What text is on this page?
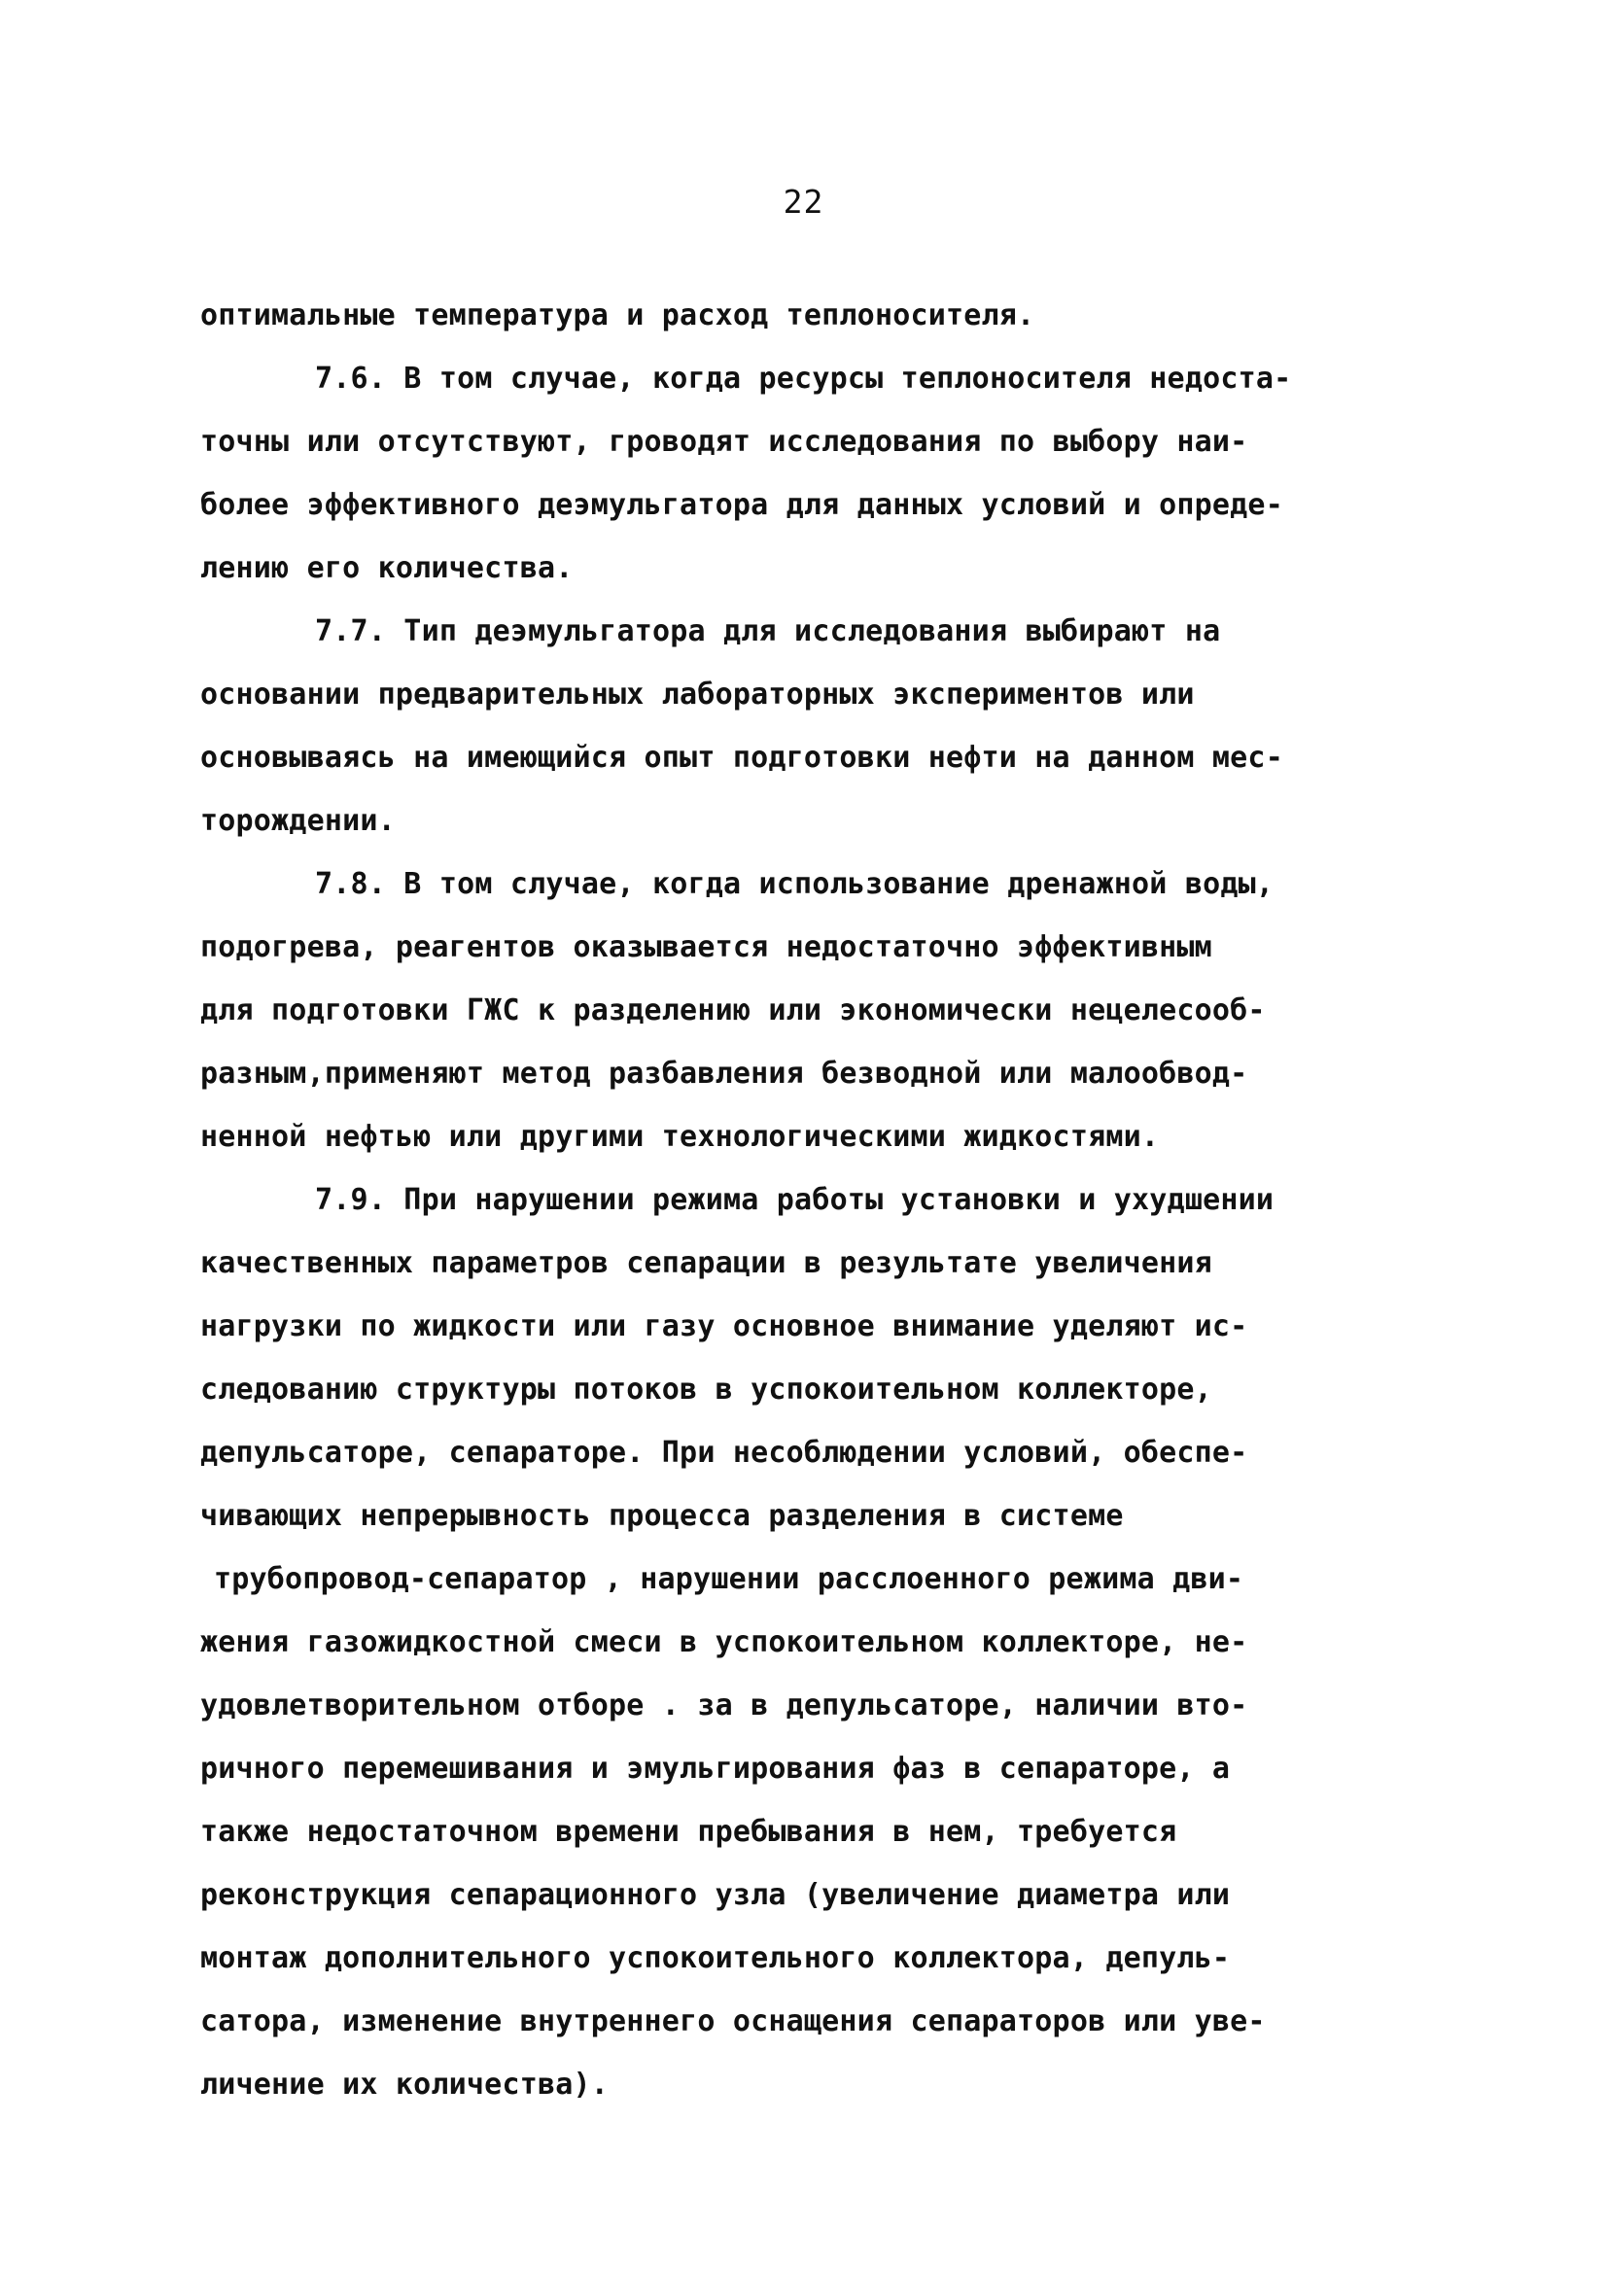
22
оптимальные температура и расход теплоносителя.
7.6. В том случае, когда ресурсы теплоносителя недоста-
точны или отсутствуют, гроводят исследования по выбору наи-
более эффективного деэмульгатора для данных условий и опреде-
лению его количества.
7.7. Тип деэмульгатора для исследования выбирают на
основании предварительных лабораторных экспериментов или
основываясь на имеющийся опыт подготовки нефти на данном мес-
торождении.
7.8. В том случае, когда использование дренажной воды,
подогрева, реагентов оказывается недостаточно эффективным
для подготовки ГЖС к разделению или экономически нецелесооб-
разным,применяют метод разбавления безводной или малообвод-
ненной нефтью или другими технологическими жидкостями.
7.9. При нарушении режима работы установки и ухудшении
качественных параметров сепарации в результате увеличения
нагрузки по жидкости или газу основное внимание уделяют ис-
следованию структуры потоков в успокоительном коллекторе,
депульсаторе, сепараторе. При несоблюдении условий, обеспе-
чивающих непрерывность процесса разделения в системе
трубопровод-сепаратор , нарушении расслоенного режима дви-
жения газожидкостной смеси в успокоительном коллекторе, не-
удовлетворительном отборе . за в депульсаторе, наличии вто-
ричного перемешивания и эмульгирования фаз в сепараторе, а
также недостаточном времени пребывания в нем, требуется
реконструкция сепарационного узла (увеличение диаметра или
монтаж дополнительного успокоительного коллектора, депуль-
сатора, изменение внутреннего оснащения сепараторов или уве-
личение их количества).
